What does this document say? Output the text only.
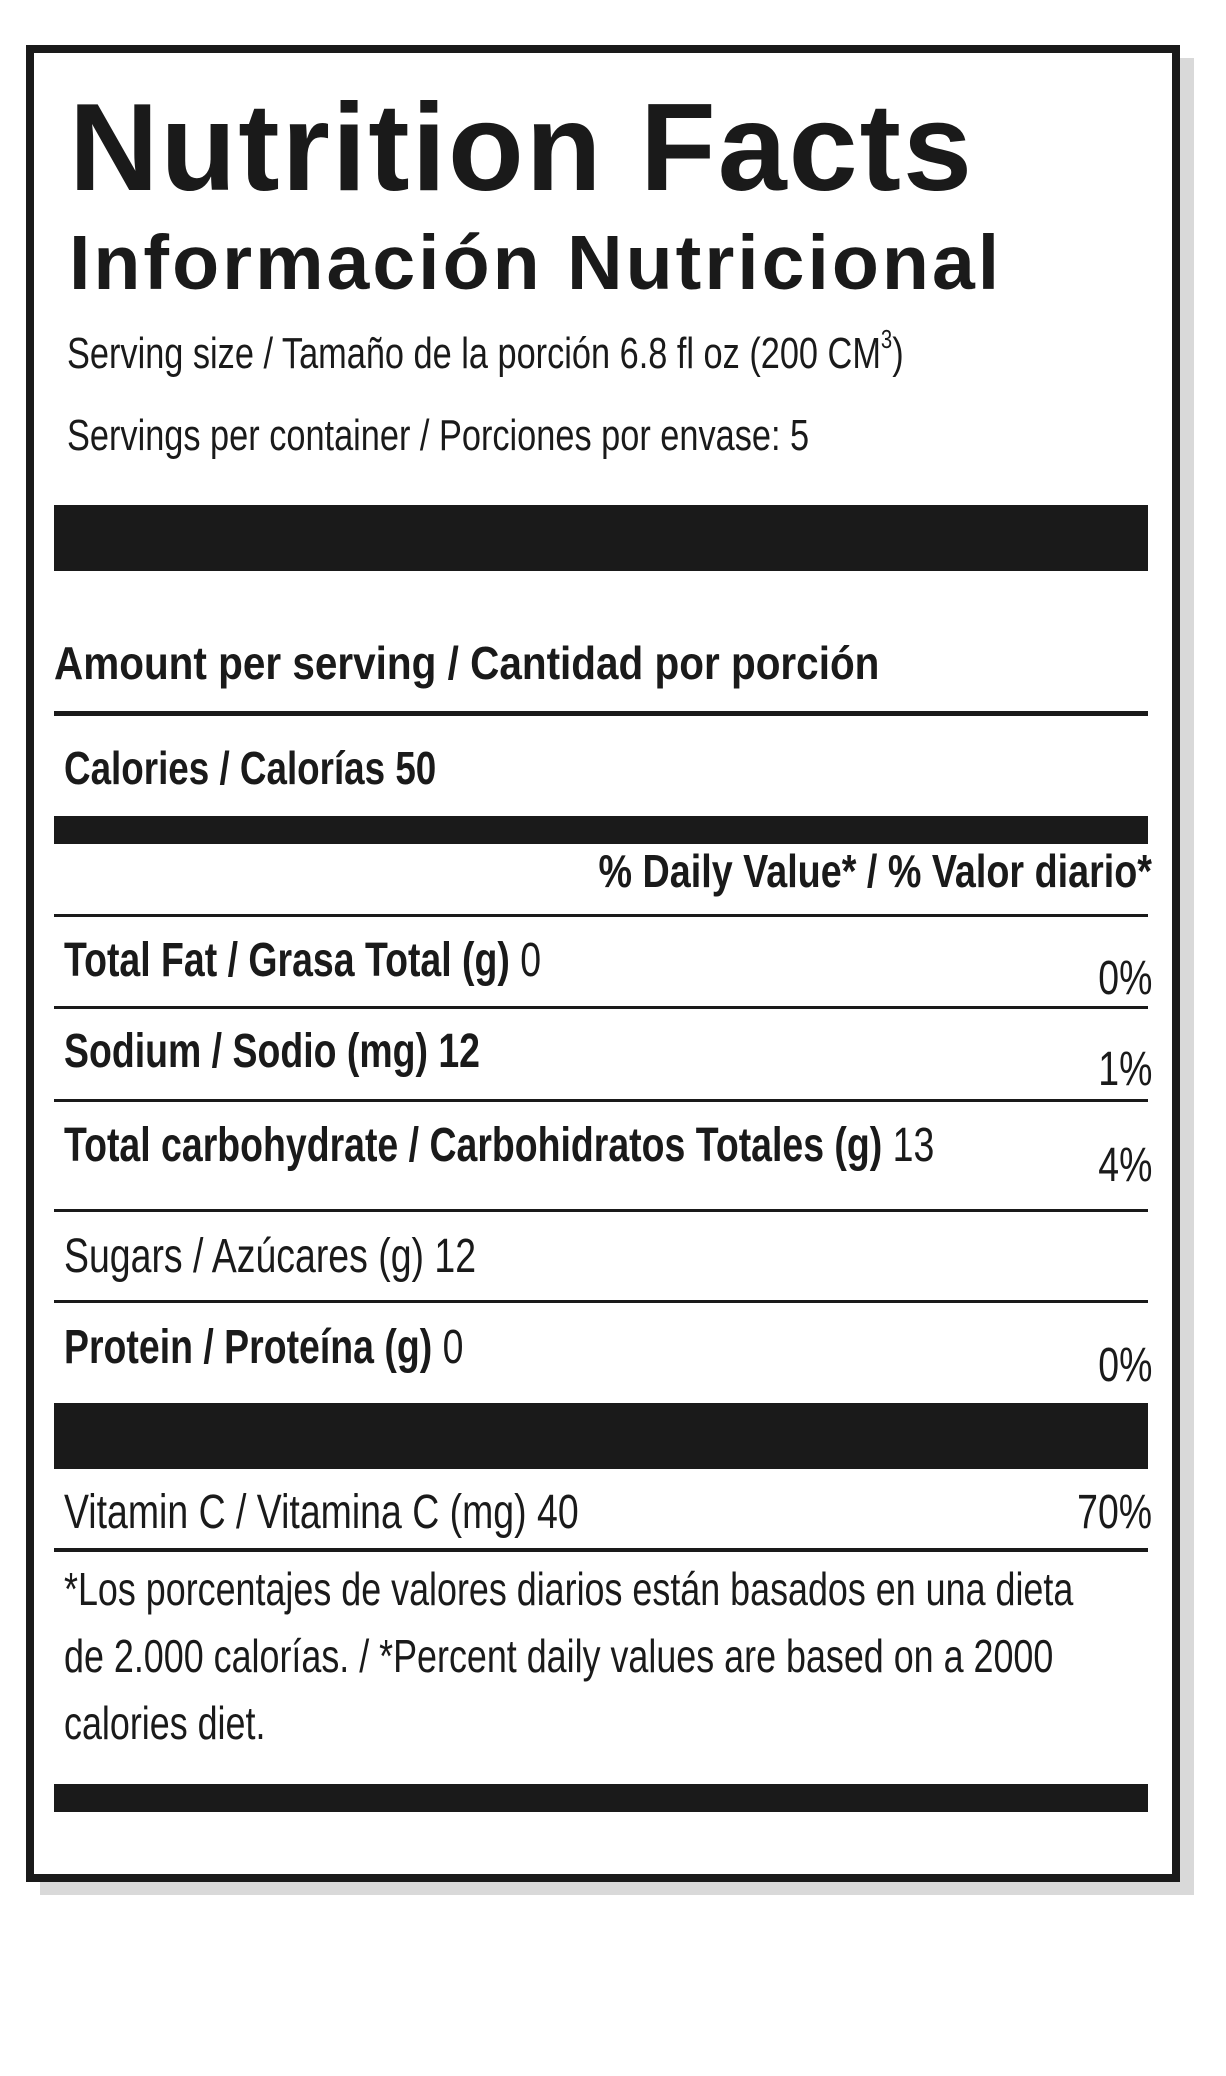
Nutrition Facts
Información Nutricional
Serving size / Tamaño de la porción 6.8 fl oz (200 $CM^3$)
Servings per container / Porciones por envase: 5
Amount per serving / Cantidad por porción
Calories / Calorías 50
% Daily Value* / % Valor diario*
Total Fat / Grasa Total (g) 0	0%
Sodium / Sodio (mg) 12	1%
Total carbohydrate / Carbohidratos Totales (g) 13	4%
Sugars / Azúcares (g) 12
Protein / Proteína (g) 0	0%
Vitamin C / Vitamina C (mg) 40	70%
*Los porcentajes de valores diarios están basados en una dieta de 2.000 calorías. / *Percent daily values are based on a 2000 calories diet.
